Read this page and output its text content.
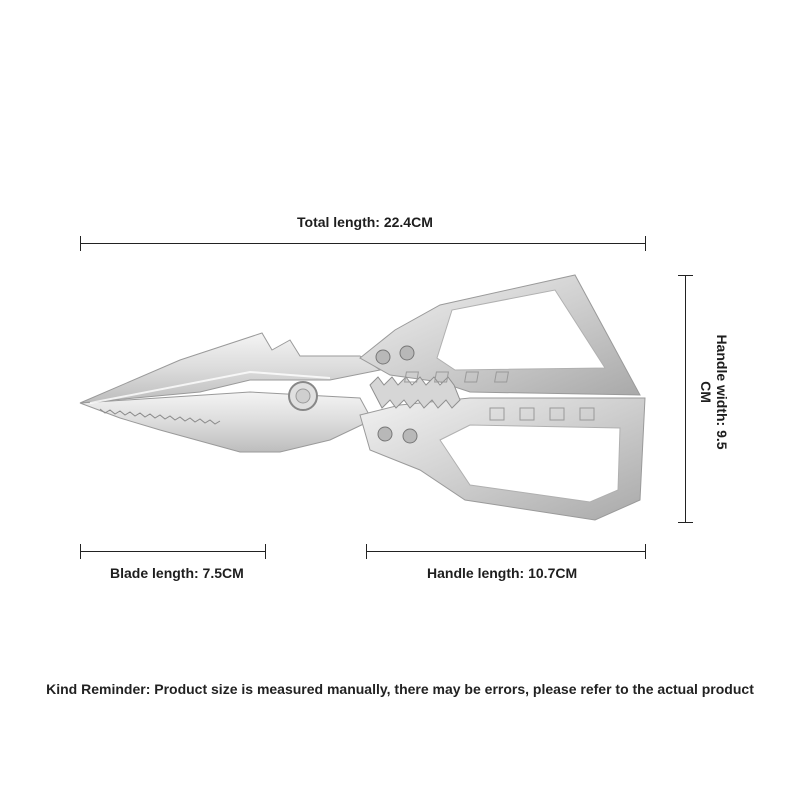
Total length: 22.4CM
Handle width: 9.5 CM
Blade length: 7.5CM	Handle length: 10.7CM
Kind Reminder: Product size is measured manually, there may be errors, please refer to the actual product
